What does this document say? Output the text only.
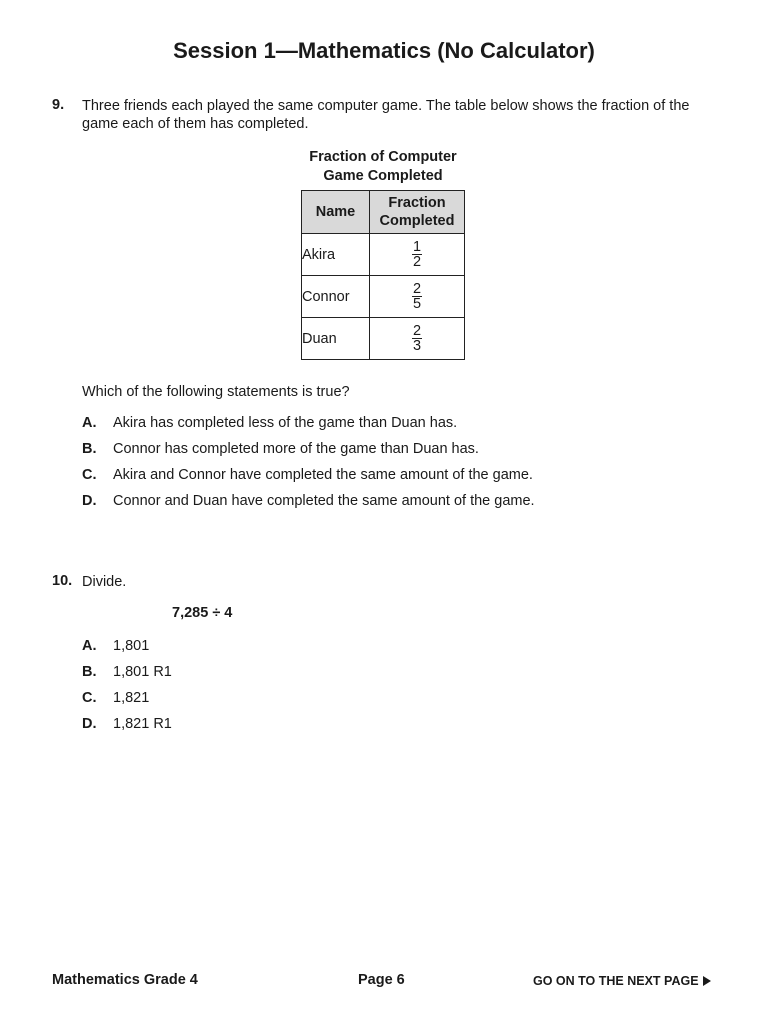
Session 1—Mathematics (No Calculator)
9. Three friends each played the same computer game. The table below shows the fraction of the
game each of them has completed.
Fraction of Computer
Game Completed
Name	Fraction
Completed

Akira	$\frac{1}{2}$

Connor	$\frac{2}{5}$

Duan	$\frac{2}{3}$
Which of the following statements is true?
A. Akira has completed less of the game than Duan has.
B. Connor has completed more of the game than Duan has.
C. Akira and Connor have completed the same amount of the game.
D. Connor and Duan have completed the same amount of the game.
10. Divide.
7,285 ÷ 4
A. 1,801
B. 1,801 R1
C. 1,821
D. 1,821 R1
Mathematics Grade 4	Page 6	GO ON TO THE NEXT PAGE
